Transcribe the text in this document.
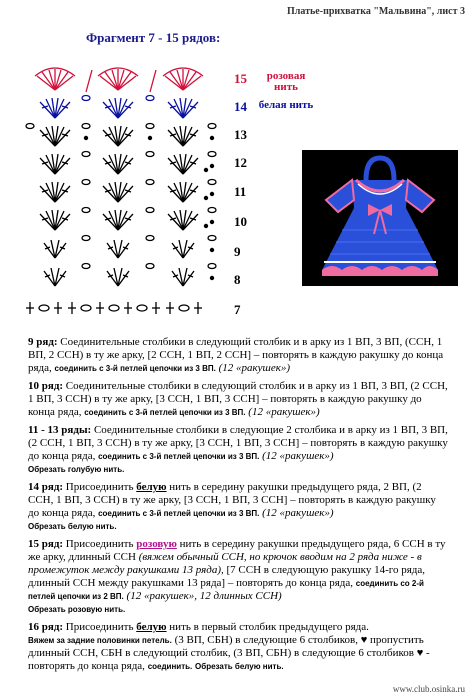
Платье-прихватка "Мальвина", лист 3
Фрагмент 7 - 15 рядов:
15
14
13
12
11
10
9
8
7
розовая нить
белая нить

9 ряд: Соединительные столбики в следующий столбик и в арку из 1 ВП, 3 ВП, (ССН, 1 ВП, 2 ССН) в ту же арку, [2 ССН, 1 ВП, 2 ССН] – повторять в каждую ракушку до конца ряда, соединить с 3-й петлей цепочки из 3 ВП. (12 «ракушек»)

10 ряд: Соединительные столбики в следующий столбик и в арку из 1 ВП, 3 ВП, (2 ССН, 1 ВП, 3 ССН) в ту же арку, [3 ССН, 1 ВП, 3 ССН] – повторять в каждую ракушку до конца ряда, соединить с 3-й петлей цепочки из 3 ВП. (12 «ракушек»)

11 - 13 ряды: Соединительные столбики в следующие 2 столбика и в арку из 1 ВП, 3 ВП, (2 ССН, 1 ВП, 3 ССН) в ту же арку, [3 ССН, 1 ВП, 3 ССН] – повторять в каждую ракушку до конца ряда, соединить с 3-й петлей цепочки из 3 ВП. (12 «ракушек»)
Обрезать голубую нить.

14 ряд: Присоединить белую нить в середину ракушки предыдущего ряда, 2 ВП, (2 ССН, 1 ВП, 3 ССН) в ту же арку, [3 ССН, 1 ВП, 3 ССН] – повторять в каждую ракушку до конца ряда, соединить с 3-й петлей цепочки из 3 ВП. (12 «ракушек»)
Обрезать белую нить.

15 ряд: Присоединить розовую нить в середину ракушки предыдущего ряда, 6 ССН в ту же арку, длинный ССН (вяжем обычный ССН, но крючок вводим на 2 ряда ниже - в промежуток между ракушками 13 ряда), [7 ССН в следующую ракушку 14-го ряда, длинный ССН между ракушками 13 ряда] – повторять до конца ряда, соединить со 2-й петлей цепочки из 2 ВП. (12 «ракушек», 12 длинных ССН)
Обрезать розовую нить.

16 ряд: Присоединить белую нить в первый столбик предыдущего ряда.
Вяжем за задние половинки петель. (3 ВП, СБН) в следующие 6 столбиков, ♥ пропустить длинный ССН, СБН в следующий столбик, (3 ВП, СБН) в следующие 6 столбиков ♥ - повторять до конца ряда, соединить. Обрезать белую нить.

www.club.osinka.ru
